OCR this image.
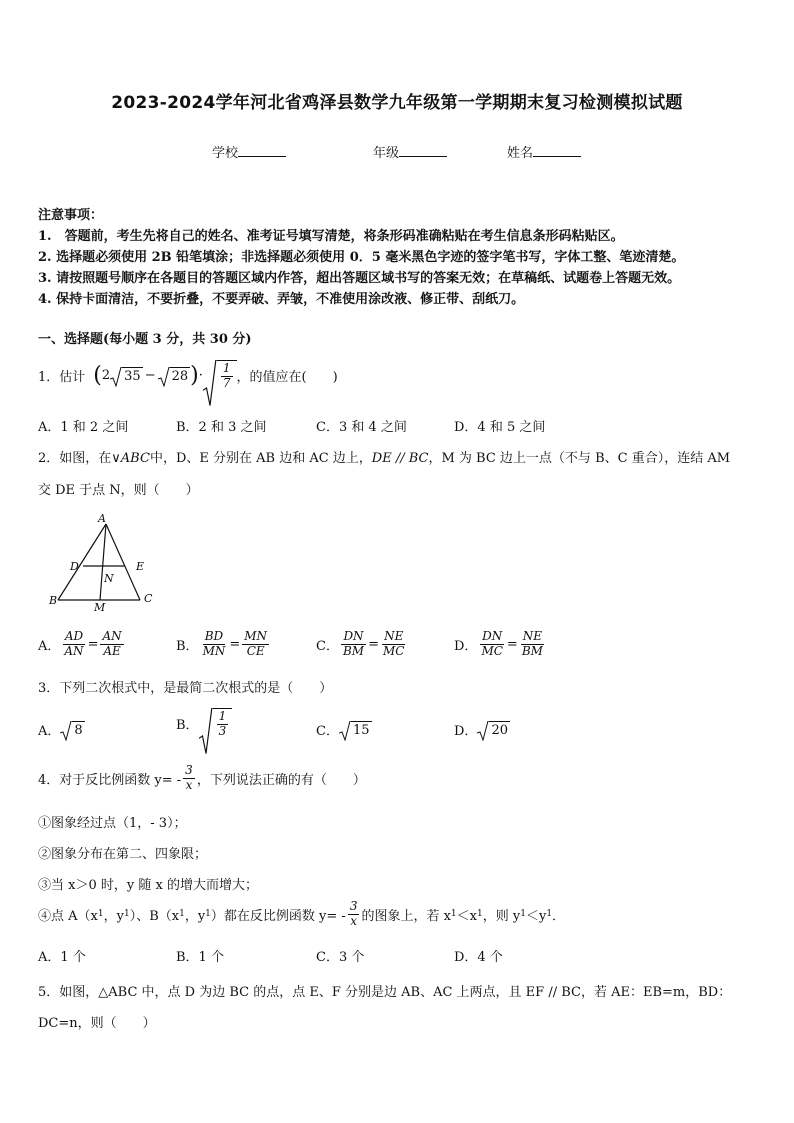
2023-2024学年河北省鸡泽县数学九年级第一学期期末复习检测模拟试题
学校	年级	姓名
注意事项：
1.　答题前，考生先将自己的姓名、准考证号填写清楚，将条形码准确粘贴在考生信息条形码粘贴区。
2. 选择题必须使用 2B 铅笔填涂；非选择题必须使用 0．5 毫米黑色字迹的签字笔书写，字体工整、笔迹清楚。
3. 请按照题号顺序在各题目的答题区域内作答，超出答题区域书写的答案无效；在草稿纸、试题卷上答题无效。
4. 保持卡面清洁，不要折叠，不要弄破、弄皱，不准使用涂改液、修正带、刮纸刀。
一、选择题(每小题 3 分，共 30 分)
1．估计 ( 2	35 −	28 ) · $\frac{1}{7}$ ，的值应在(　　)
A．1 和 2 之间	B．2 和 3 之间	C．3 和 4 之间	D．4 和 5 之间
2．如图，在∨ABC中，D、E 分别在 AB 边和 AC 边上，DE // BC，M 为 BC 边上一点（不与 B、C 重合），连结 AM
交 DE 于点 N，则（　　）
A
B	C
D	E
N
M
A． $\frac{AD}{AN} = \frac{AN}{AE}$	B． $\frac{BD}{MN} = \frac{MN}{CE}$	C． $\frac{DN}{BM} = \frac{NE}{MC}$	D． $\frac{DN}{MC} = \frac{NE}{BM}$
3．下列二次根式中，是最简二次根式的是（　　）
A．	8	B． $\frac{1}{3}$	C．	15	D．	20
4．对于反比例函数 $y= - \frac{3}{x}$ ，下列说法正确的有（　　）
①图象经过点（1，- 3）；
②图象分布在第二、四象限；
③当 x＞0 时，y 随 x 的增大而增大；
④点 A（x 1 ，y 1 ）、B（x 1 ，y 1 ）都在反比例函数 $y= - \frac{3}{x}$ 的图象上，若 x 1 ＜x 1 ，则 y 1 ＜y 1 ．
A．1 个	B．1 个	C．3 个	D．4 个
5．如图，△ABC 中，点 D 为边 BC 的点，点 E、F 分别是边 AB、AC 上两点，且 EF // BC，若 AE：EB=m，BD：
DC=n，则（　　）
